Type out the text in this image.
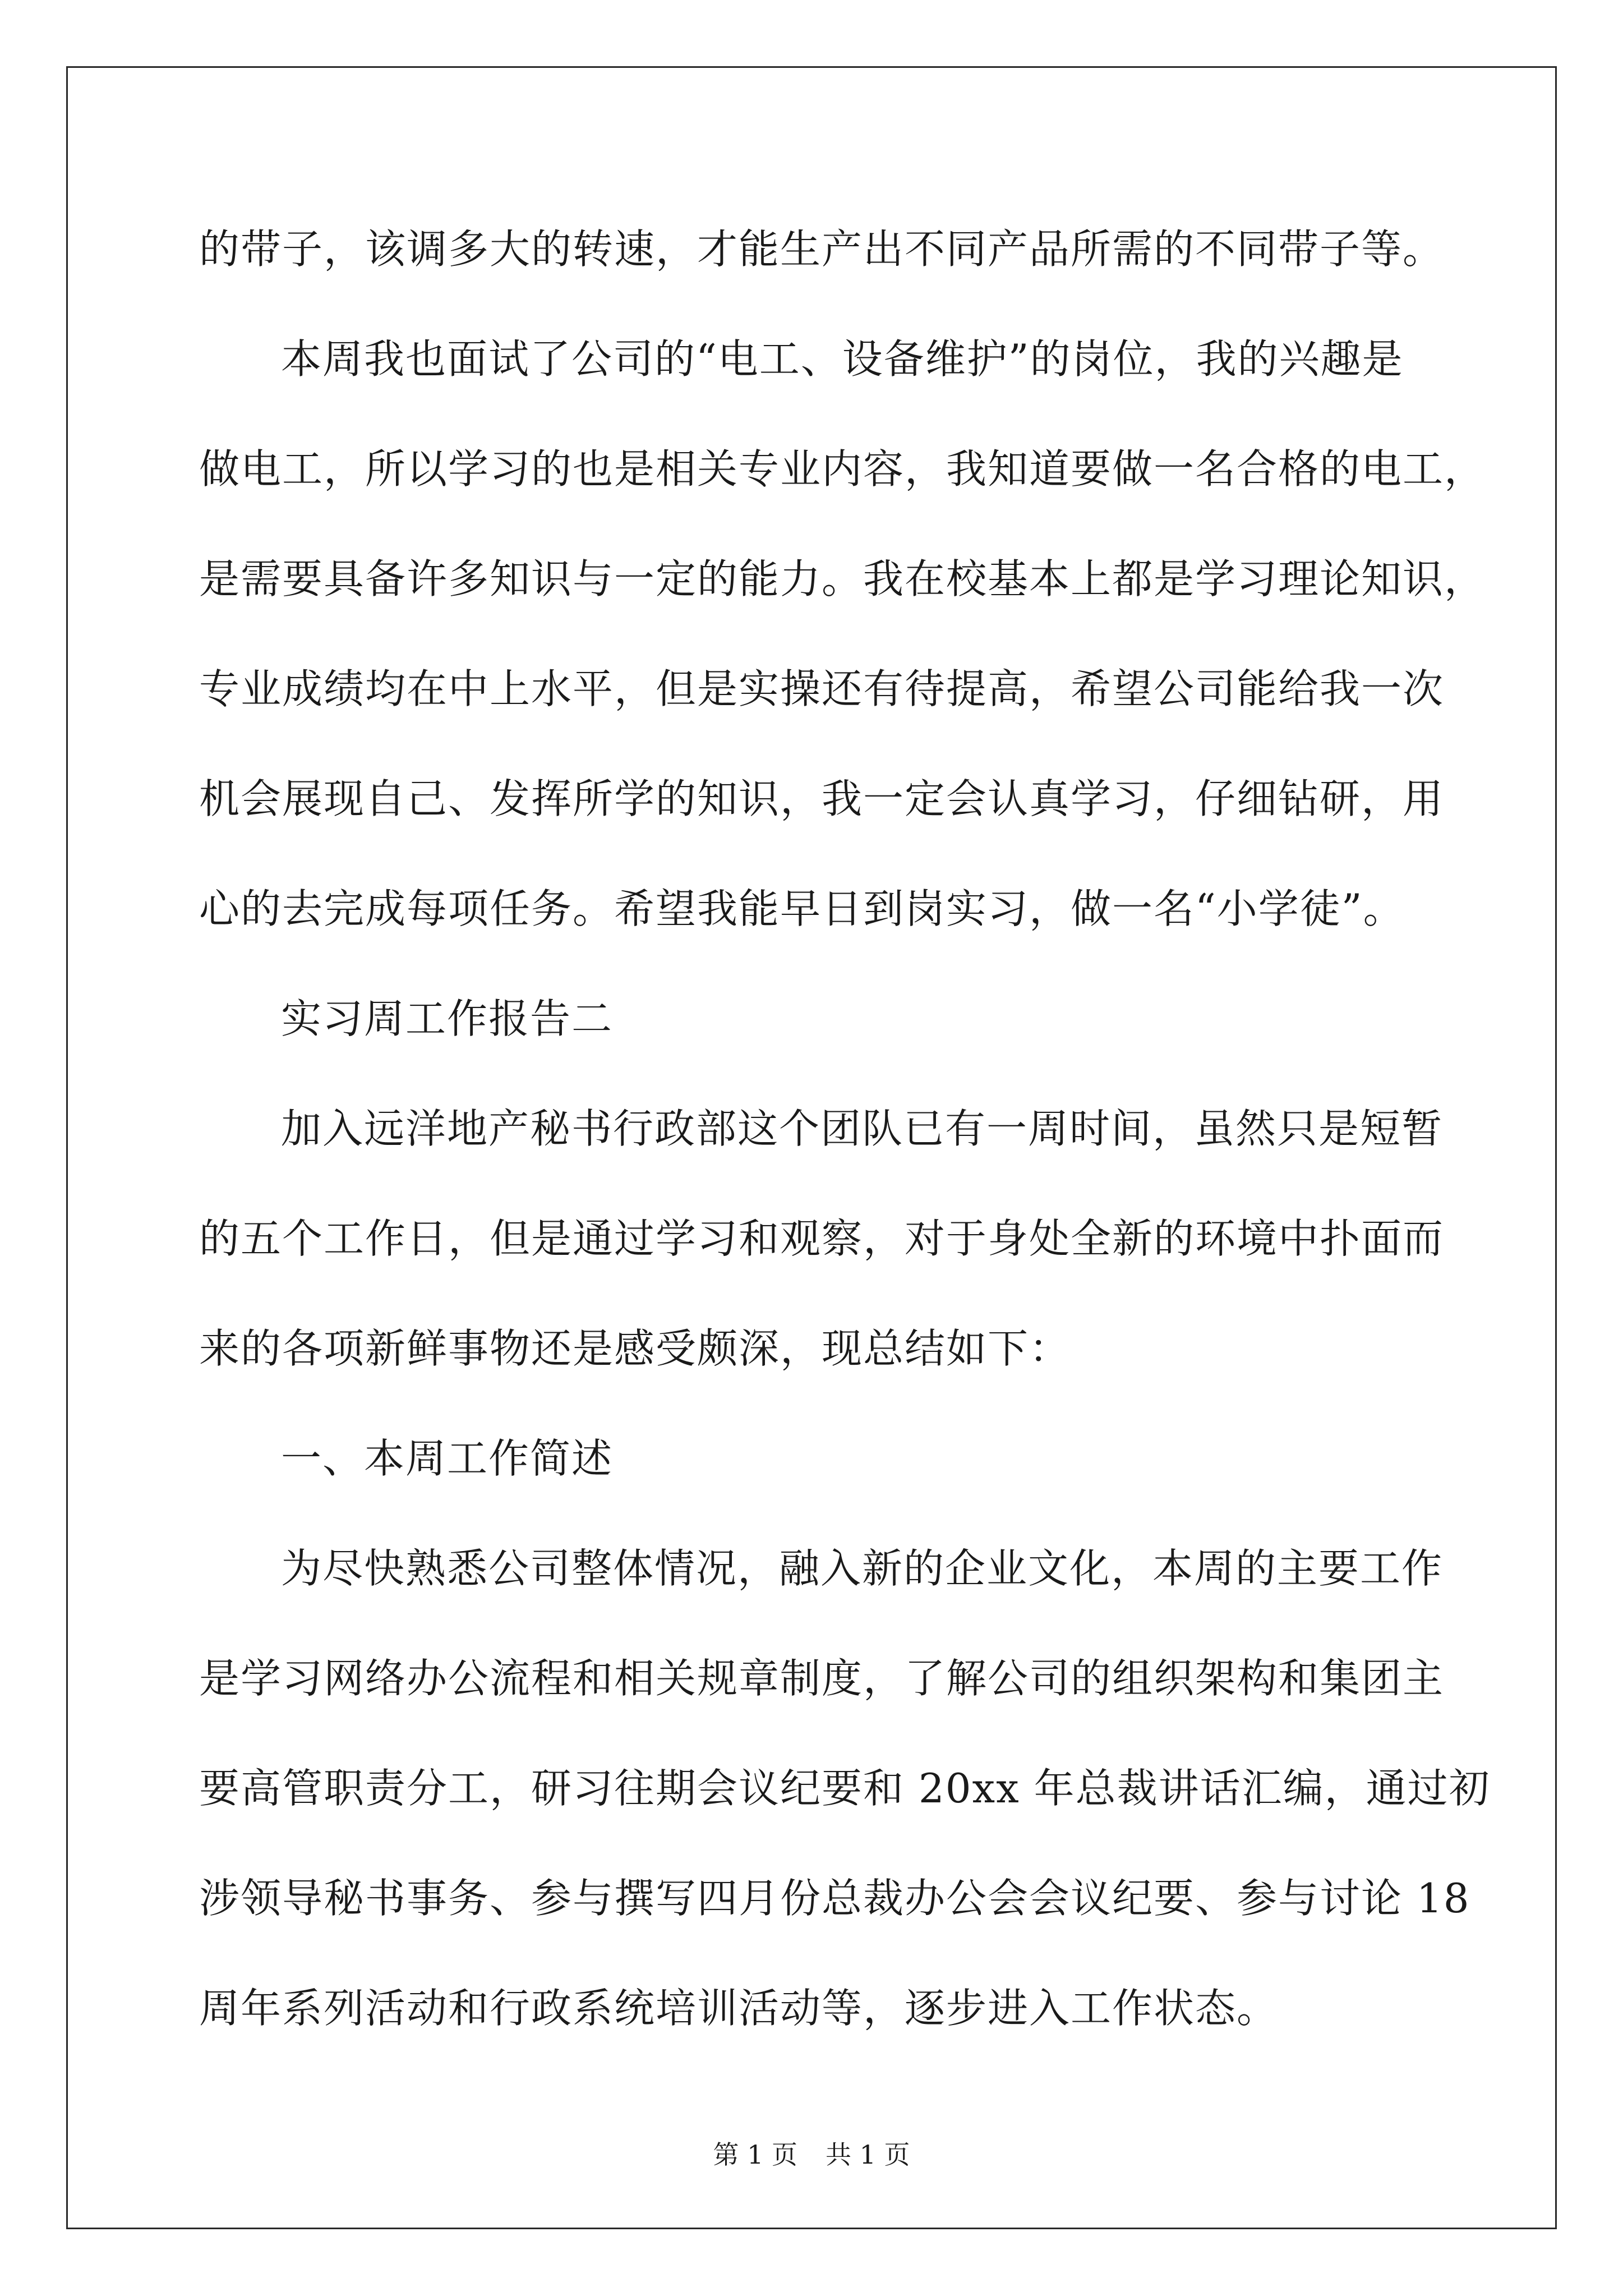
的带子，该调多大的转速，才能生产出不同产品所需的不同带子等。
本周我也面试了公司的“电工、设备维护”的岗位，我的兴趣是
做电工，所以学习的也是相关专业内容，我知道要做一名合格的电工，
是需要具备许多知识与一定的能力。我在校基本上都是学习理论知识，
专业成绩均在中上水平，但是实操还有待提高，希望公司能给我一次
机会展现自己、发挥所学的知识，我一定会认真学习，仔细钻研，用
心的去完成每项任务。希望我能早日到岗实习，做一名“小学徒”。
实习周工作报告二
加入远洋地产秘书行政部这个团队已有一周时间，虽然只是短暂
的五个工作日，但是通过学习和观察，对于身处全新的环境中扑面而
来的各项新鲜事物还是感受颇深，现总结如下：
一、本周工作简述
为尽快熟悉公司整体情况，融入新的企业文化，本周的主要工作
是学习网络办公流程和相关规章制度，了解公司的组织架构和集团主
要高管职责分工，研习往期会议纪要和 20xx 年总裁讲话汇编，通过初
涉领导秘书事务、参与撰写四月份总裁办公会会议纪要、参与讨论 18
周年系列活动和行政系统培训活动等，逐步进入工作状态。
第 1 页 共 1 页
